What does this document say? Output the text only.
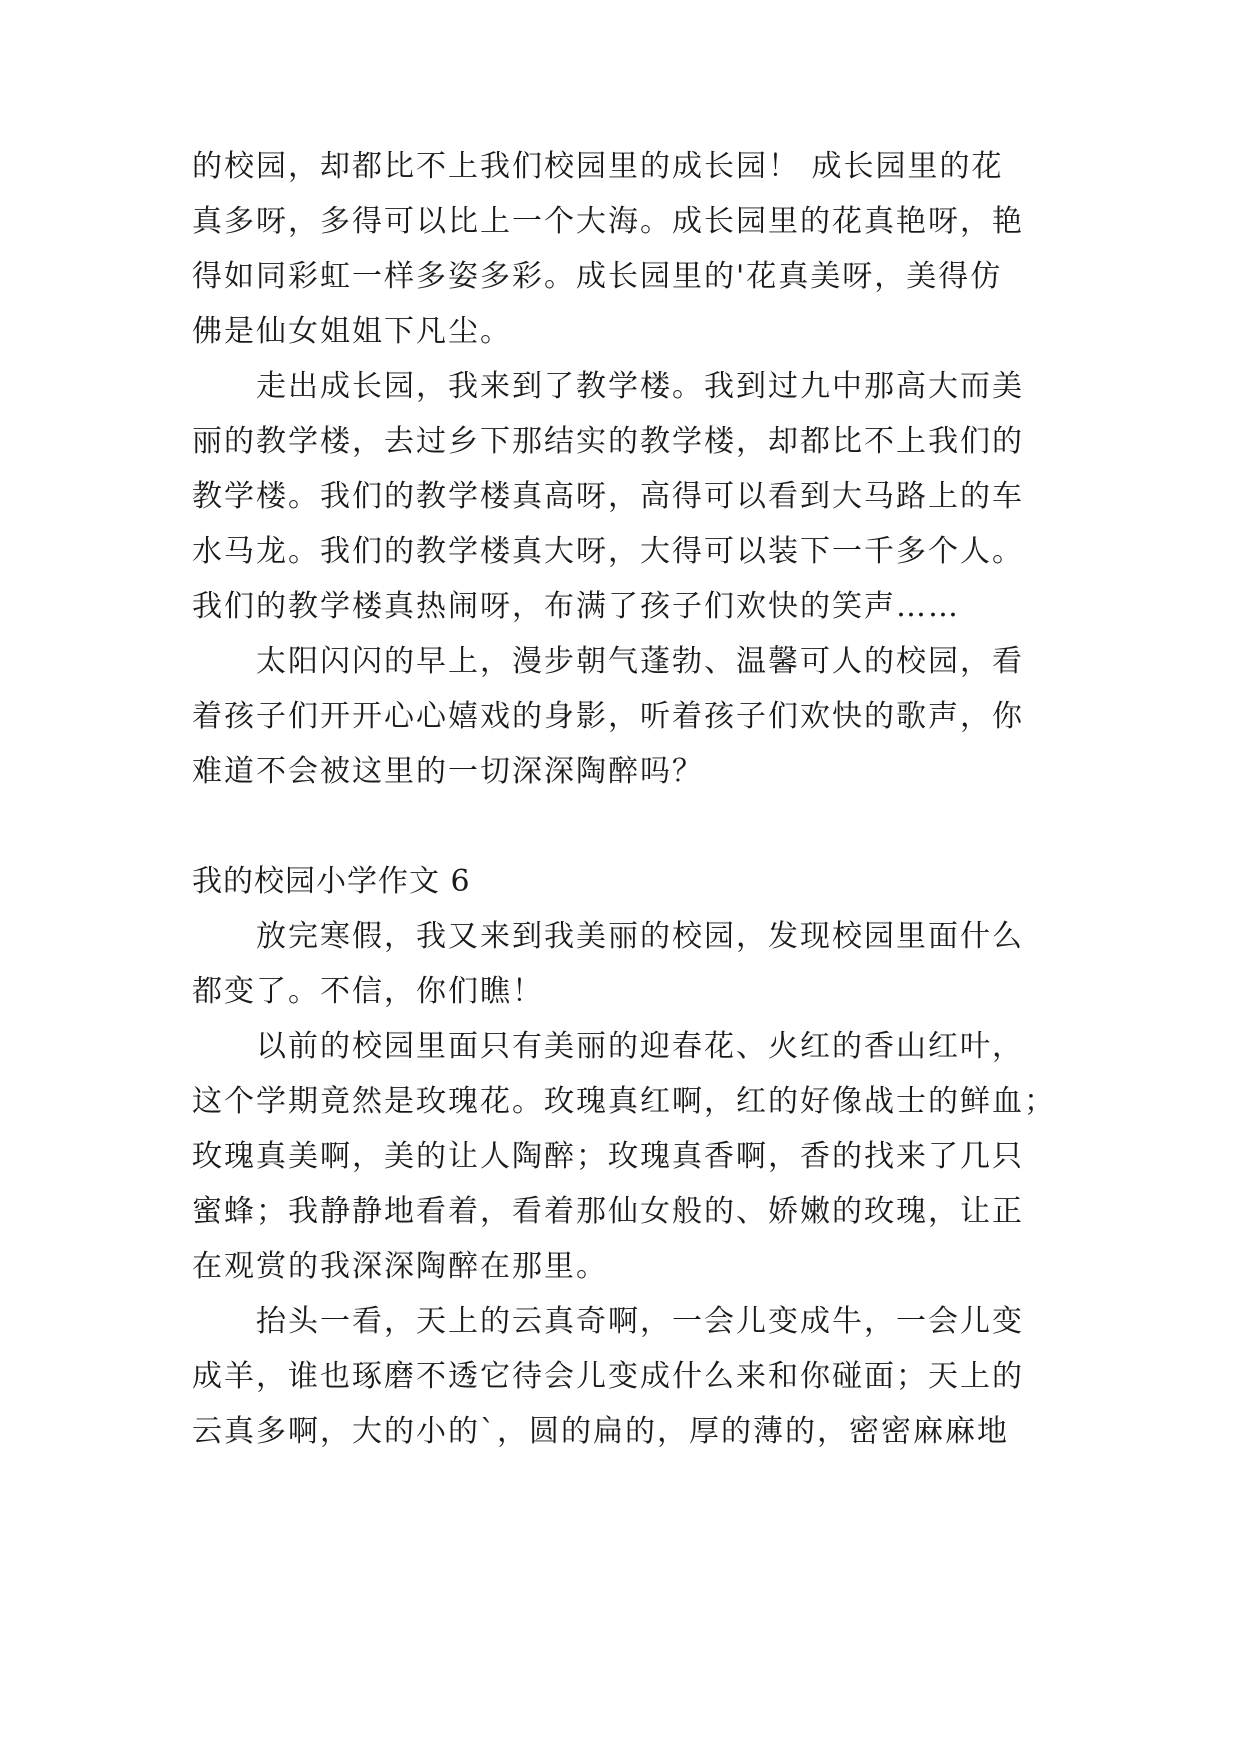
的校园，却都比不上我们校园里的成长园！ 成长园里的花
真多呀，多得可以比上一个大海。成长园里的花真艳呀，艳
得如同彩虹一样多姿多彩。成长园里的'花真美呀，美得仿
佛是仙女姐姐下凡尘。
走出成长园，我来到了教学楼。我到过九中那高大而美
丽的教学楼，去过乡下那结实的教学楼，却都比不上我们的
教学楼。我们的教学楼真高呀，高得可以看到大马路上的车
水马龙。我们的教学楼真大呀，大得可以装下一千多个人。
我们的教学楼真热闹呀，布满了孩子们欢快的笑声……
太阳闪闪的早上，漫步朝气蓬勃、温馨可人的校园，看
着孩子们开开心心嬉戏的身影，听着孩子们欢快的歌声，你
难道不会被这里的一切深深陶醉吗？
我的校园小学作文 6
放完寒假，我又来到我美丽的校园，发现校园里面什么
都变了。不信，你们瞧！
以前的校园里面只有美丽的迎春花、火红的香山红叶，
这个学期竟然是玫瑰花。玫瑰真红啊，红的好像战士的鲜血；
玫瑰真美啊，美的让人陶醉；玫瑰真香啊，香的找来了几只
蜜蜂；我静静地看着，看着那仙女般的、娇嫩的玫瑰，让正
在观赏的我深深陶醉在那里。
抬头一看，天上的云真奇啊，一会儿变成牛，一会儿变
成羊，谁也琢磨不透它待会儿变成什么来和你碰面；天上的
云真多啊，大的小的`，圆的扁的，厚的薄的，密密麻麻地
